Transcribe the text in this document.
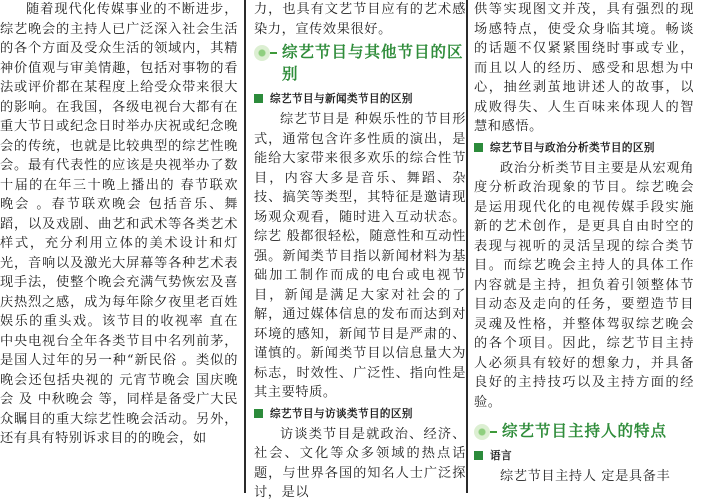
随着现代化传媒事业的不断进步，综艺晚会的主持人已广泛深入社会生活的各个方面及受众生活的领域内，其精神价值观与审美情趣，包括对事物的看法或评价都在某程度上给受众带来很大的影响。在我国，各级电视台大都有在重大节日或纪念日时举办庆祝或纪念晚会的传统，也就是比较典型的综艺性晚会。最有代表性的应该是央视举办了数十届的在年三十晚上播出的 春节联欢晚会 。春节联欢晚会 包括音乐、舞蹈，以及戏剧、曲艺和武术等各类艺术样式，充分利用立体的美术设计和灯光，音响以及激光大屏幕等各种艺术表现手法，使整个晚会充满气势恢宏及喜庆热烈之感，成为每年除夕夜里老百姓娱乐的重头戏。该节目的收视率 直在中央电视台全年各类节目中名列前茅，是国人过年的另一种“新民俗 。类似的晚会还包括央视的 元宵节晚会 国庆晚会 及 中秋晚会 等，同样是备受广大民众瞩目的重大综艺性晚会活动。另外，还有具有特别诉求目的的晚会，如

力，也具有文艺节目应有的艺术感染力，宣传效果很好。

综艺节目与其他节目的区别
综艺节目与新闻类节目的区别

综艺节目是 种娱乐性的节目形式，通常包含许多性质的演出，是能给大家带来很多欢乐的综合性节目，内容大多是音乐、舞蹈、杂技、搞笑等类型，其特征是邀请现场观众观看，随时进入互动状态。综艺 般都很轻松，随意性和互动性强。新闻类节目指以新闻材料为基础加工制作而成的电台或电视节目，新闻是满足大家对社会的了解，通过媒体信息的发布而达到对环境的感知，新闻节目是严肃的、谨慎的。新闻类节目以信息量大为标志，时效性、广泛性、指向性是其主要特质。

综艺节目与访谈类节目的区别

访谈类节目是就政治、经济、社会、文化等众多领域的热点话题，与世界各国的知名人士广泛探讨，是以

供等实现图文并茂，具有强烈的现场感特点，使受众身临其境。畅谈的话题不仅紧紧围绕时事或专业，而且以人的经历、感受和思想为中心，抽丝剥茧地讲述人的故事，以成败得失、人生百味来体现人的智慧和感悟。

综艺节目与政治分析类节目的区别

政治分析类节目主要是从宏观角度分析政治现象的节目。综艺晚会是运用现代化的电视传媒手段实施新的艺术创作，是更具自由时空的表现与视听的灵活呈现的综合类节目。而综艺晚会主持人的具体工作内容就是主持，担负着引领整体节目动态及走向的任务，要塑造节目灵魂及性格，并整体驾驭综艺晚会的各个项目。因此，综艺节目主持人必须具有较好的想象力，并具备良好的主持技巧以及主持方面的经验。

综艺节目主持人的特点
语言

综艺节目主持人 定是具备丰
